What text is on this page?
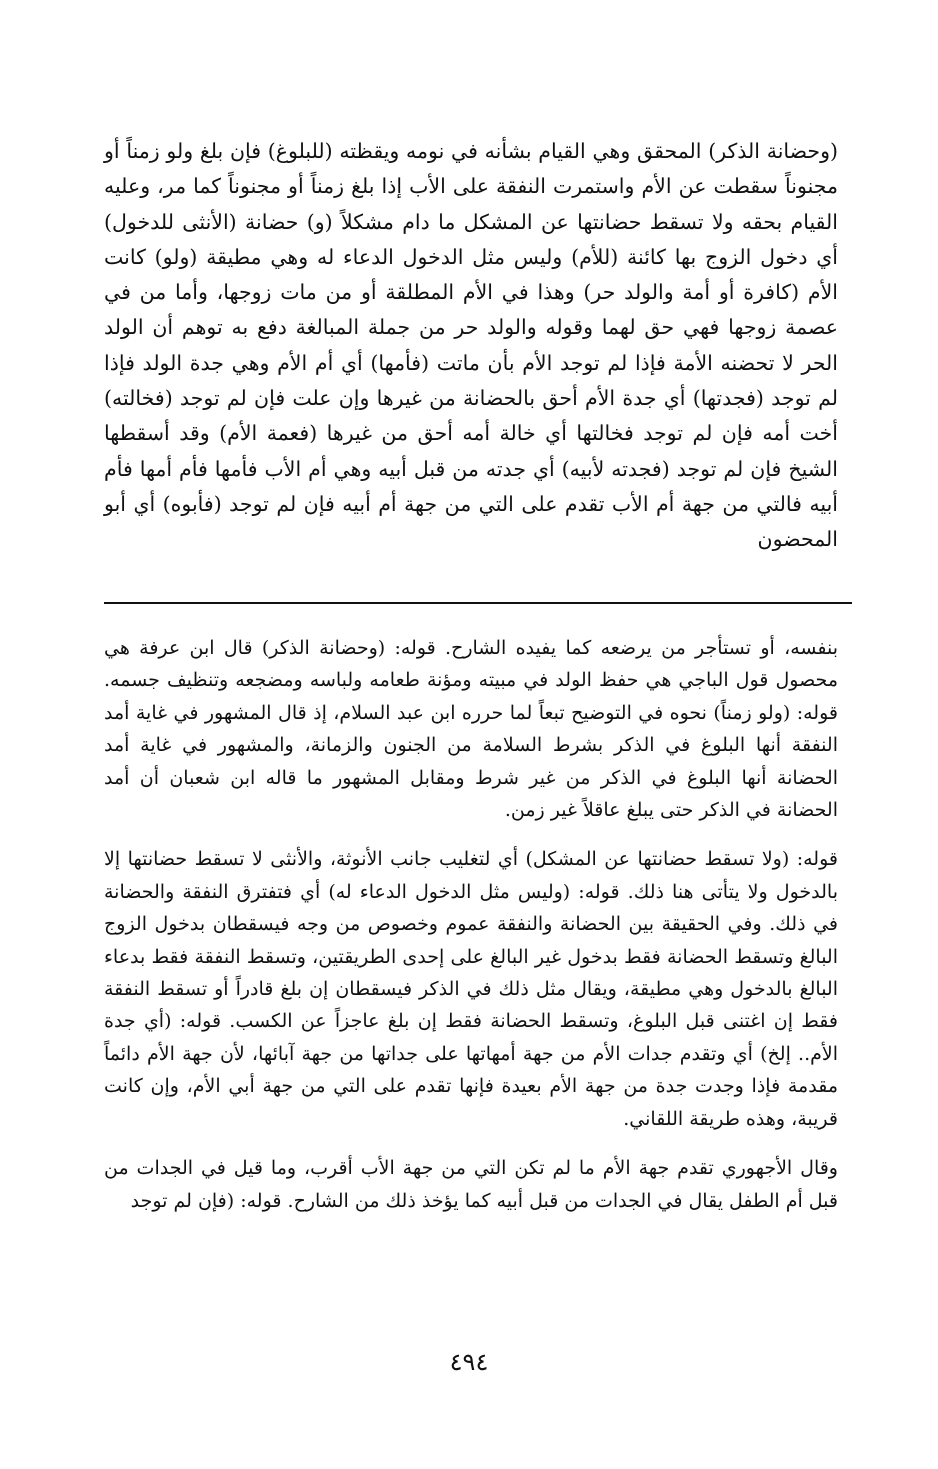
(وحضانة الذكر) المحقق وهي القيام بشأنه في نومه ويقظته (للبلوغ) فإن بلغ ولو زمناً أو مجنوناً سقطت عن الأم واستمرت النفقة على الأب إذا بلغ زمناً أو مجنوناً كما مر، وعليه القيام بحقه ولا تسقط حضانتها عن المشكل ما دام مشكلاً (و) حضانة (الأنثى للدخول) أي دخول الزوج بها كائنة (للأم) وليس مثل الدخول الدعاء له وهي مطيقة (ولو) كانت الأم (كافرة أو أمة والولد حر) وهذا في الأم المطلقة أو من مات زوجها، وأما من في عصمة زوجها فهي حق لهما وقوله والولد حر من جملة المبالغة دفع به توهم أن الولد الحر لا تحضنه الأمة فإذا لم توجد الأم بأن ماتت (فأمها) أي أم الأم وهي جدة الولد فإذا لم توجد (فجدتها) أي جدة الأم أحق بالحضانة من غيرها وإن علت فإن لم توجد (فخالته) أخت أمه فإن لم توجد فخالتها أي خالة أمه أحق من غيرها (فعمة الأم) وقد أسقطها الشيخ فإن لم توجد (فجدته لأبيه) أي جدته من قبل أبيه وهي أم الأب فأمها فأم أمها فأم أبيه فالتي من جهة أم الأب تقدم على التي من جهة أم أبيه فإن لم توجد (فأبوه) أي أبو المحضون

بنفسه، أو تستأجر من يرضعه كما يفيده الشارح. قوله: (وحضانة الذكر) قال ابن عرفة هي محصول قول الباجي هي حفظ الولد في مبيته ومؤنة طعامه ولباسه ومضجعه وتنظيف جسمه. قوله: (ولو زمناً) نحوه في التوضيح تبعاً لما حرره ابن عبد السلام، إذ قال المشهور في غاية أمد النفقة أنها البلوغ في الذكر بشرط السلامة من الجنون والزمانة، والمشهور في غاية أمد الحضانة أنها البلوغ في الذكر من غير شرط ومقابل المشهور ما قاله ابن شعبان أن أمد الحضانة في الذكر حتى يبلغ عاقلاً غير زمن.

قوله: (ولا تسقط حضانتها عن المشكل) أي لتغليب جانب الأنوثة، والأنثى لا تسقط حضانتها إلا بالدخول ولا يتأتى هنا ذلك. قوله: (وليس مثل الدخول الدعاء له) أي فتفترق النفقة والحضانة في ذلك. وفي الحقيقة بين الحضانة والنفقة عموم وخصوص من وجه فيسقطان بدخول الزوج البالغ وتسقط الحضانة فقط بدخول غير البالغ على إحدى الطريقتين، وتسقط النفقة فقط بدعاء البالغ بالدخول وهي مطيقة، ويقال مثل ذلك في الذكر فيسقطان إن بلغ قادراً أو تسقط النفقة فقط إن اغتنى قبل البلوغ، وتسقط الحضانة فقط إن بلغ عاجزاً عن الكسب. قوله: (أي جدة الأم.. إلخ) أي وتقدم جدات الأم من جهة أمهاتها على جداتها من جهة آبائها، لأن جهة الأم دائماً مقدمة فإذا وجدت جدة من جهة الأم بعيدة فإنها تقدم على التي من جهة أبي الأم، وإن كانت قريبة، وهذه طريقة اللقاني.

وقال الأجهوري تقدم جهة الأم ما لم تكن التي من جهة الأب أقرب، وما قيل في الجدات من قبل أم الطفل يقال في الجدات من قبل أبيه كما يؤخذ ذلك من الشارح. قوله: (فإن لم توجد

٤٩٤
